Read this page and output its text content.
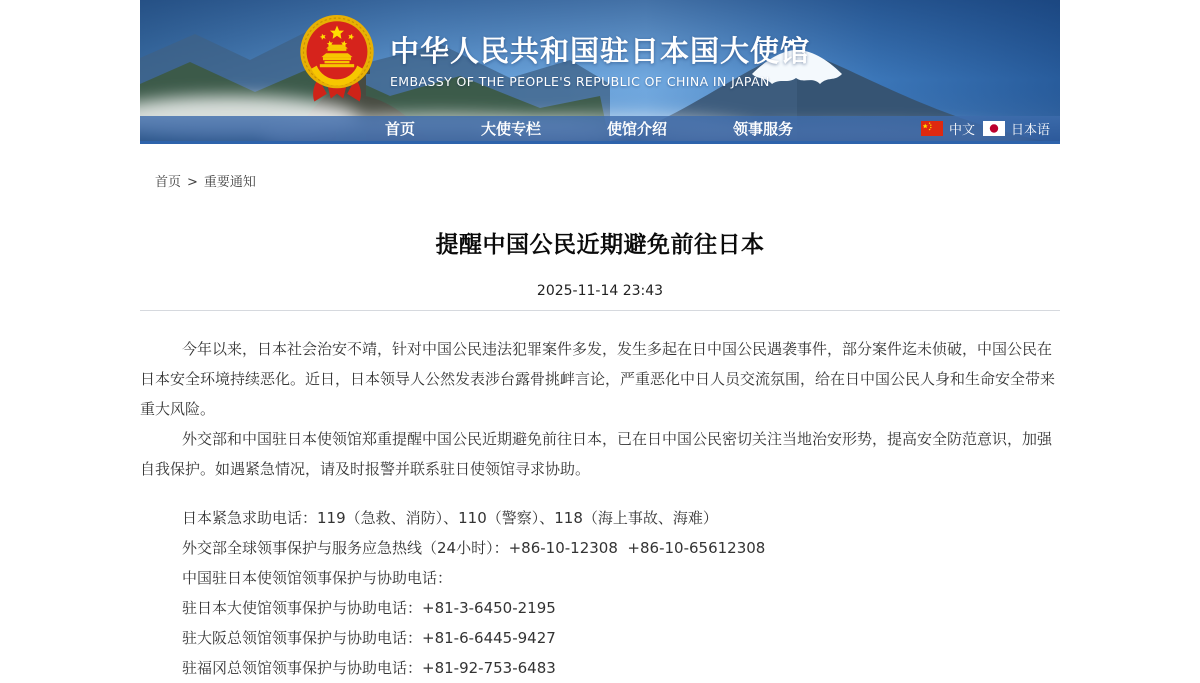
中华人民共和国驻日本国大使馆
EMBASSY OF THE PEOPLE'S REPUBLIC OF CHINA IN JAPAN
首页	大使专栏	使馆介绍	领事服务	中文	日本语
首页 > 重要通知
提醒中国公民近期避免前往日本
2025-11-14 23:43

今年以来，日本社会治安不靖，针对中国公民违法犯罪案件多发，发生多起在日中国公民遇袭事件，部分案件迄未侦破，中国公民在日本安全环境持续恶化。近日，日本领导人公然发表涉台露骨挑衅言论，严重恶化中日人员交流氛围，给在日中国公民人身和生命安全带来重大风险。

外交部和中国驻日本使领馆郑重提醒中国公民近期避免前往日本，已在日中国公民密切关注当地治安形势，提高安全防范意识，加强自我保护。如遇紧急情况，请及时报警并联系驻日使领馆寻求协助。

日本紧急求助电话：119（急救、消防）、110（警察）、118（海上事故、海难）

外交部全球领事保护与服务应急热线（24小时）：+86-10-12308  +86-10-65612308

中国驻日本使领馆领事保护与协助电话：

驻日本大使馆领事保护与协助电话：+81-3-6450-2195

驻大阪总领馆领事保护与协助电话：+81-6-6445-9427

驻福冈总领馆领事保护与协助电话：+81-92-753-6483
